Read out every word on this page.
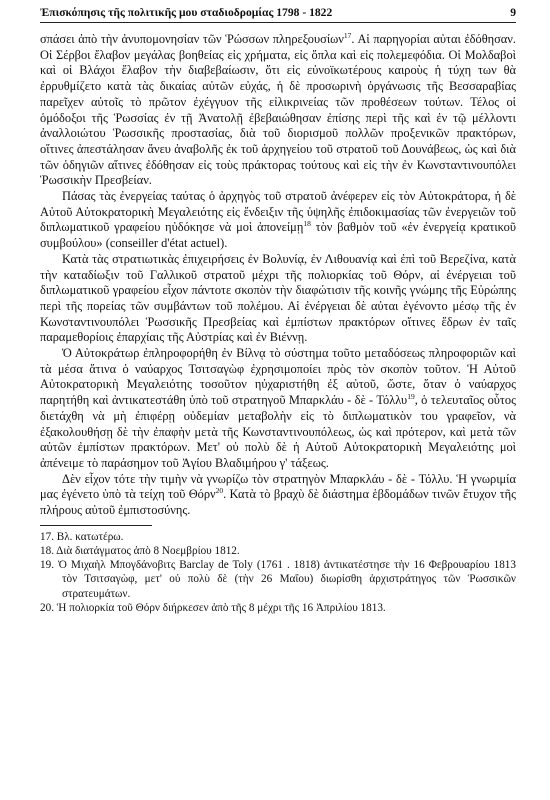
Ἐπισκόπησις τῆς πολιτικῆς μου σταδιοδρομίας 1798 - 1822	9

σπάσει ἀπὸ τὴν ἀνυπομονησίαν τῶν Ῥώσσων πληρεξουσίων$^{17}$. Αἱ παρηγορίαι αὐται ἐδόθησαν. Οἱ Σέρβοι ἔλαβον μεγάλας βοηθείας εἰς χρήματα, εἰς ὅπλα καὶ εἰς πολεμεφόδια. Οἱ Μολδαβοὶ καὶ οἱ Βλάχοι ἔλαβον τὴν διαβεβαίωσιν, ὅτι εἰς εὐνοϊκωτέρους καιροὺς ἡ τύχη των θὰ ἐρρυθμίζετο κατὰ τὰς δικαίας αὐτῶν εὐχάς, ἡ δὲ προσωρινὴ ὀργάνωσις τῆς Βεσσαραβίας παρεῖχεν αὐτοῖς τὸ πρῶτον ἐχέγγυον τῆς εἰλικρινείας τῶν προθέσεων τούτων. Τέλος οἱ ὁμόδοξοι τῆς Ῥωσσίας ἐν τῇ Ἀνατολῇ ἐβεβαιώθησαν ἐπίσης περὶ τῆς καὶ ἐν τῷ μέλλοντι ἀναλλοιώτου Ῥωσσικῆς προστασίας, διὰ τοῦ διορισμοῦ πολλῶν προξενικῶν πρακτόρων, οἵτινες ἀπεστάλησαν ἄνευ ἀναβολῆς ἐκ τοῦ ἀρχηγείου τοῦ στρατοῦ τοῦ Δουνάβεως, ὡς καὶ διὰ τῶν ὁδηγιῶν αἵτινες ἐδόθησαν εἰς τοὺς πράκτορας τούτους καὶ εἰς τὴν ἐν Κωνσταντινουπόλει Ῥωσσικὴν Πρεσβείαν.

Πάσας τὰς ἐνεργείας ταύτας ὁ ἀρχηγὸς τοῦ στρατοῦ ἀνέφερεν εἰς τὸν Αὐτοκράτορα, ἡ δὲ Αὐτοῦ Αὐτοκρατορικὴ Μεγαλειότης εἰς ἔνδειξιν τῆς ὑψηλῆς ἐπιδοκιμασίας τῶν ἐνεργειῶν τοῦ διπλωματικοῦ γραφείου ηὐδόκησε νὰ μοὶ ἀπονείμῃ$^{18}$ τὸν βαθμὸν τοῦ «ἐν ἐνεργείᾳ κρατικοῦ συμβούλου» (conseiller d'état actuel).

Κατὰ τὰς στρατιωτικὰς ἐπιχειρήσεις ἐν Βολυνίᾳ, ἐν Λιθουανίᾳ καὶ ἐπὶ τοῦ Βερεζίνα, κατὰ τὴν καταδίωξιν τοῦ Γαλλικοῦ στρατοῦ μέχρι τῆς πολιορκίας τοῦ Θόρν, αἱ ἐνέργειαι τοῦ διπλωματικοῦ γραφείου εἶχον πάντοτε σκοπὸν τὴν διαφώτισιν τῆς κοινῆς γνώμης τῆς Εὐρώπης περὶ τῆς πορείας τῶν συμβάντων τοῦ πολέμου. Αἱ ἐνέργειαι δὲ αὐται ἐγένοντο μέσῳ τῆς ἐν Κωνσταντινουπόλει Ῥωσσικῆς Πρεσβείας καὶ ἐμπίστων πρακτόρων οἵτινες ἕδρων ἐν ταῖς παραμεθορίοις ἐπαρχίαις τῆς Αὐστρίας καὶ ἐν Βιέννῃ.

Ὁ Αὐτοκράτωρ ἐπληροφορήθη ἐν Βίλνᾳ τὸ σύστημα τοῦτο μεταδόσεως πληροφοριῶν καὶ τὰ μέσα ἅτινα ὁ ναύαρχος Τσιτσαγὼφ ἐχρησιμοποίει πρὸς τὸν σκοπὸν τοῦτον. Ἡ Αὐτοῦ Αὐτοκρατορικὴ Μεγαλειότης τοσοῦτον ηὐχαριστήθη ἐξ αὐτοῦ, ὥστε, ὅταν ὁ ναύαρχος παρητήθη καὶ ἀντικατεστάθη ὑπὸ τοῦ στρατηγοῦ Μπαρκλάυ - δὲ - Τόλλυ$^{19}$, ὁ τελευταῖος οὗτος διετάχθη νὰ μὴ ἐπιφέρῃ οὐδεμίαν μεταβολὴν εἰς τὸ διπλωματικὸν του γραφεῖον, νὰ ἐξακολουθήσῃ δὲ τὴν ἐπαφὴν μετὰ τῆς Κωνσταντινουπόλεως, ὡς καὶ πρότερον, καὶ μετὰ τῶν αὐτῶν ἐμπίστων πρακτόρων. Μετ' οὐ πολὺ δὲ ἡ Αὐτοῦ Αὐτοκρατορικὴ Μεγαλειότης μοὶ ἀπένειμε τὸ παράσημον τοῦ Ἁγίου Βλαδιμήρου γ' τάξεως.

Δὲν εἶχον τότε τὴν τιμὴν νὰ γνωρίζω τὸν στρατηγὸν Μπαρκλάυ - δὲ - Τόλλυ. Ἡ γνωριμία μας ἐγένετο ὑπὸ τὰ τείχη τοῦ Θόρν$^{20}$. Κατὰ τὸ βραχὺ δὲ διάστημα ἑβδομάδων τινῶν ἔτυχον τῆς πλήρους αὐτοῦ ἐμπιστοσύνης.

17. Βλ. κατωτέρω.

18. Διὰ διατάγματος ἀπὸ 8 Νοεμβρίου 1812.

19. Ὁ Μιχαὴλ Μπογδάνοβιτς Barclay de Toly (1761 . 1818) ἀντικατέστησε τὴν 16 Φεβρουαρίου 1813 τὸν Τσιτσαγὼφ, μετ' οὐ πολὺ δὲ (τὴν 26 Μαΐου) διωρίσθη ἀρχιστράτηγος τῶν Ῥωσσικῶν στρατευμάτων.

20. Ἡ πολιορκία τοῦ Θόρν διήρκεσεν ἀπὸ τῆς 8 μέχρι τῆς 16 Ἀπριλίου 1813.
